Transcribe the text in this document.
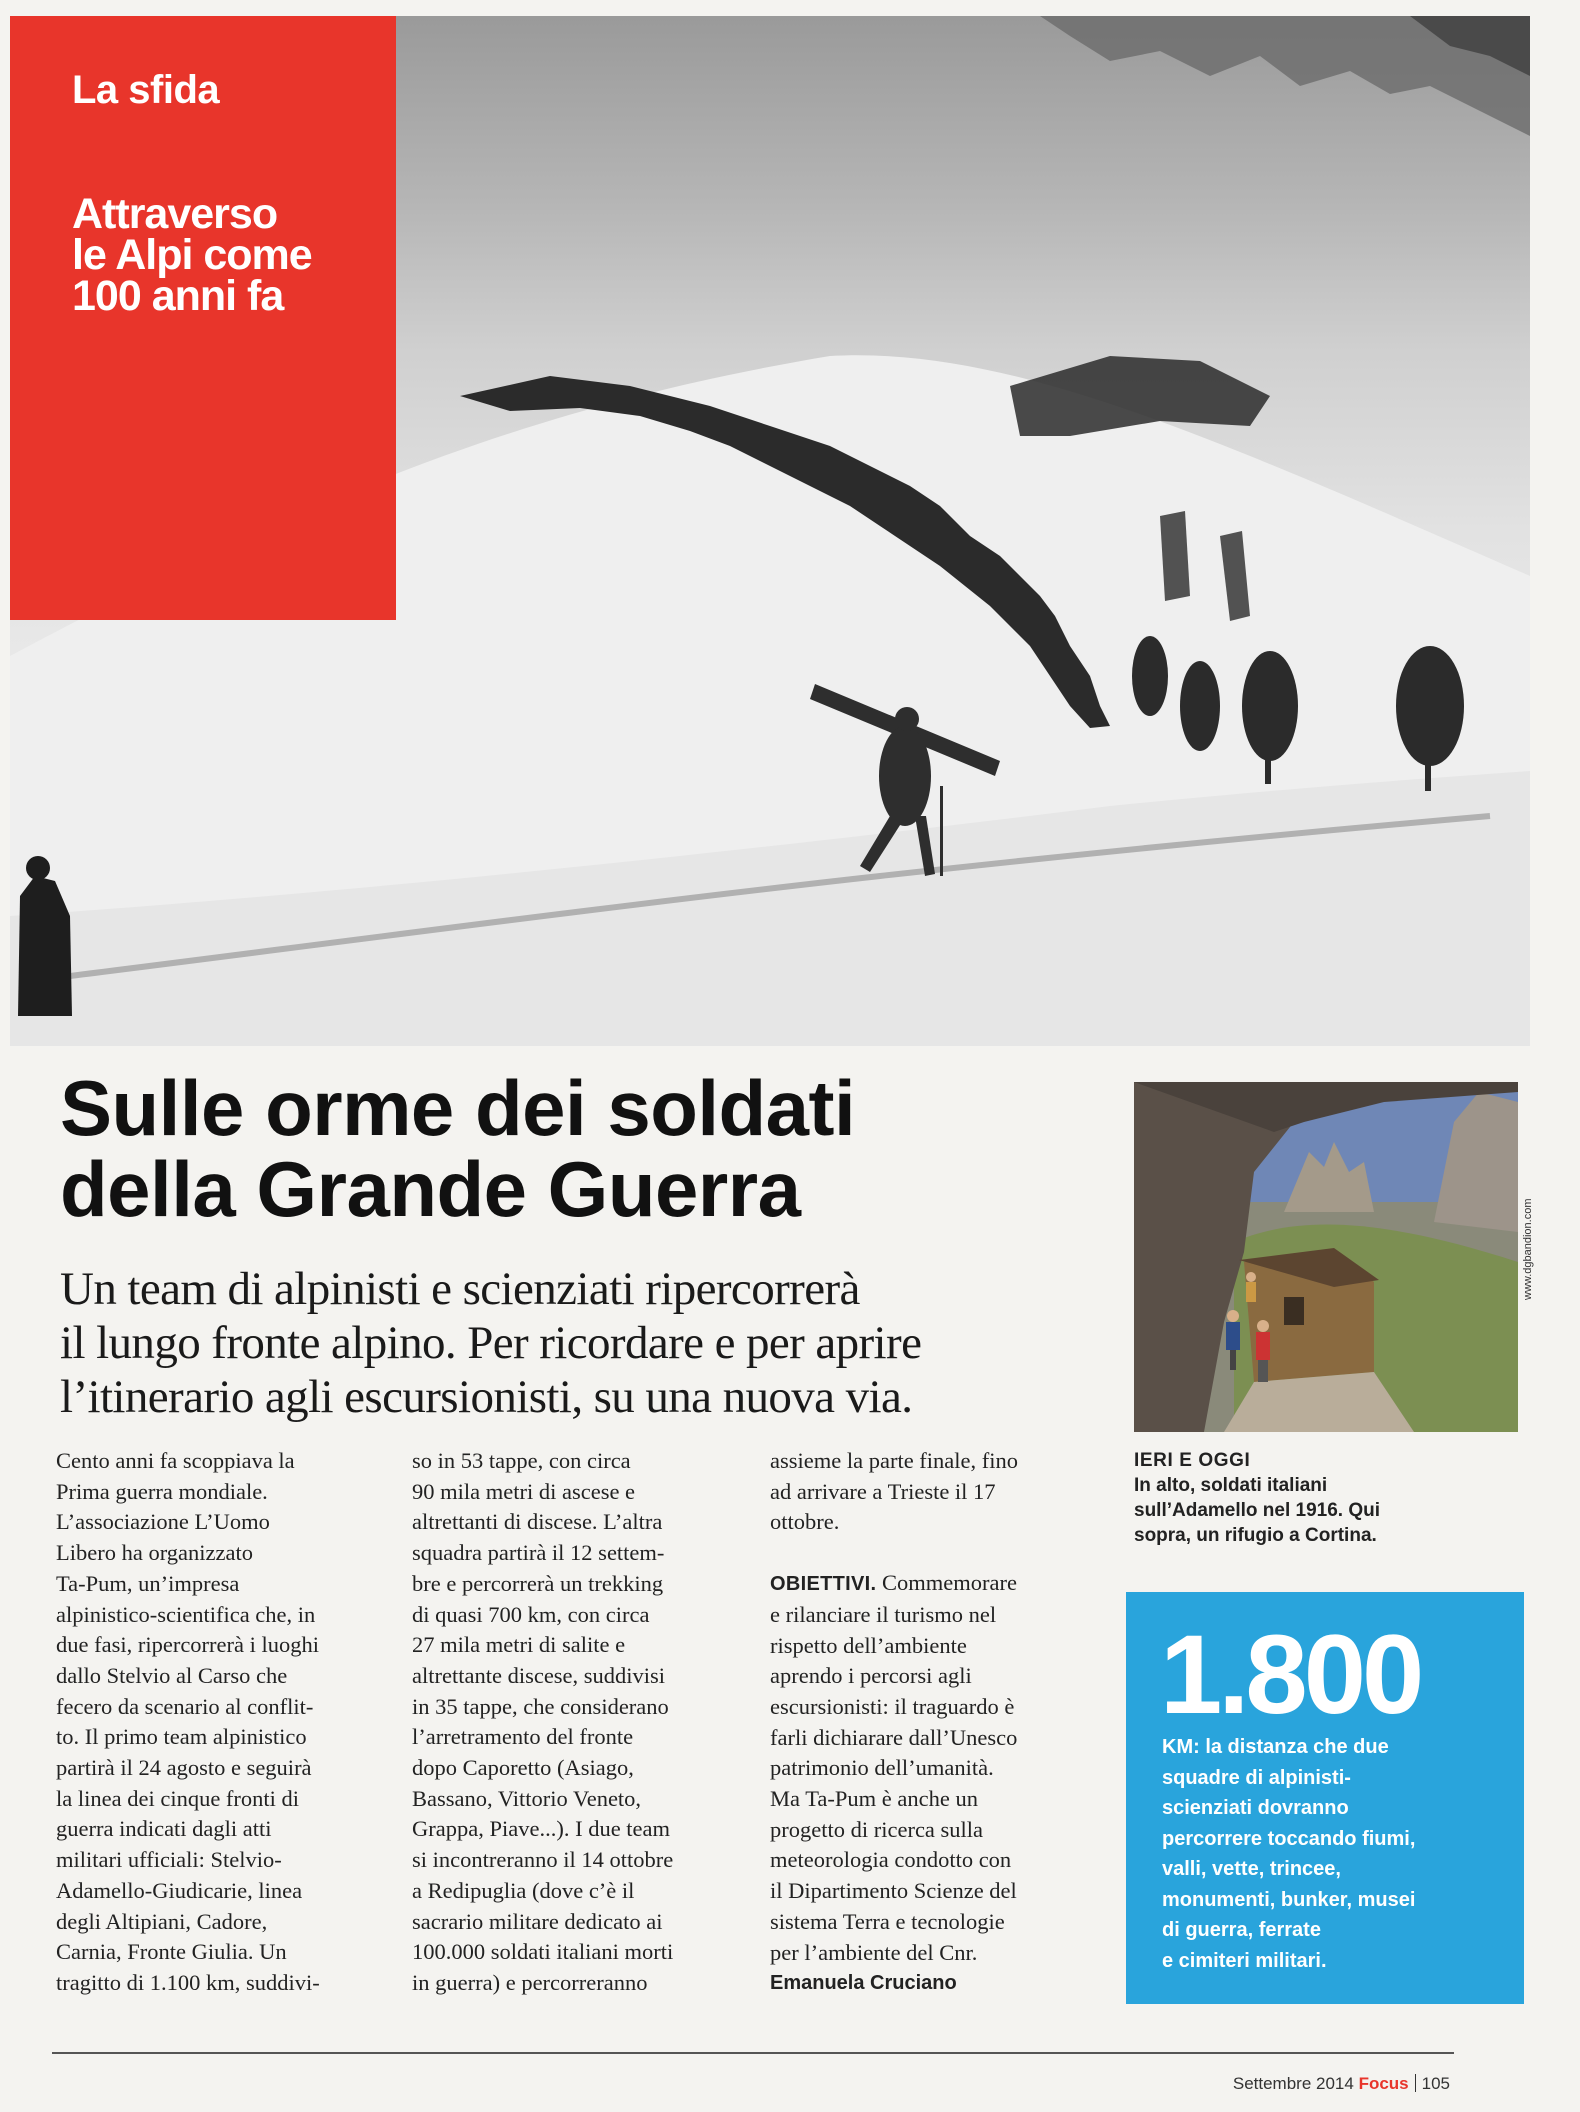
La sfida
Attraverso
le Alpi come
100 anni fa
Sulle orme dei soldati
della Grande Guerra

Un team di alpinisti e scienziati ripercorrerà
il lungo fronte alpino. Per ricordare e per aprire
l’itinerario agli escursionisti, su una nuova via.

Cento anni fa scoppiava la
Prima guerra mondiale.
L’associazione L’Uomo
Libero ha organizzato
Ta-Pum, un’impresa
alpinistico-scientifica che, in
due fasi, ripercorrerà i luoghi
dallo Stelvio al Carso che
fecero da scenario al conflit-
to. Il primo team alpinistico
partirà il 24 agosto e seguirà
la linea dei cinque fronti di
guerra indicati dagli atti
militari ufficiali: Stelvio-
Adamello-Giudicarie, linea
degli Altipiani, Cadore,
Carnia, Fronte Giulia. Un
tragitto di 1.100 km, suddivi-
so in 53 tappe, con circa
90 mila metri di ascese e
altrettanti di discese. L’altra
squadra partirà il 12 settem-
bre e percorrerà un trekking
di quasi 700 km, con circa
27 mila metri di salite e
altrettante discese, suddivisi
in 35 tappe, che considerano
l’arretramento del fronte
dopo Caporetto (Asiago,
Bassano, Vittorio Veneto,
Grappa, Piave...). I due team
si incontreranno il 14 ottobre
a Redipuglia (dove c’è il
sacrario militare dedicato ai
100.000 soldati italiani morti
in guerra) e percorreranno
assieme la parte finale, fino
ad arrivare a Trieste il 17
ottobre.
OBIETTIVI. Commemorare
e rilanciare il turismo nel
rispetto dell’ambiente
aprendo i percorsi agli
escursionisti: il traguardo è
farli dichiarare dall’Unesco
patrimonio dell’umanità.
Ma Ta-Pum è anche un
progetto di ricerca sulla
meteorologia condotto con
il Dipartimento Scienze del
sistema Terra e tecnologie
per l’ambiente del Cnr.
Emanuela Cruciano
www.dgbandion.com
IERI E OGGI
In alto, soldati italiani
sull’Adamello nel 1916. Qui
sopra, un rifugio a Cortina.
1.800
KM: la distanza che due
squadre di alpinisti-
scienziati dovranno
percorrere toccando fiumi,
valli, vette, trincee,
monumenti, bunker, musei
di guerra, ferrate
e cimiteri militari.
Settembre 2014 Focus 105
